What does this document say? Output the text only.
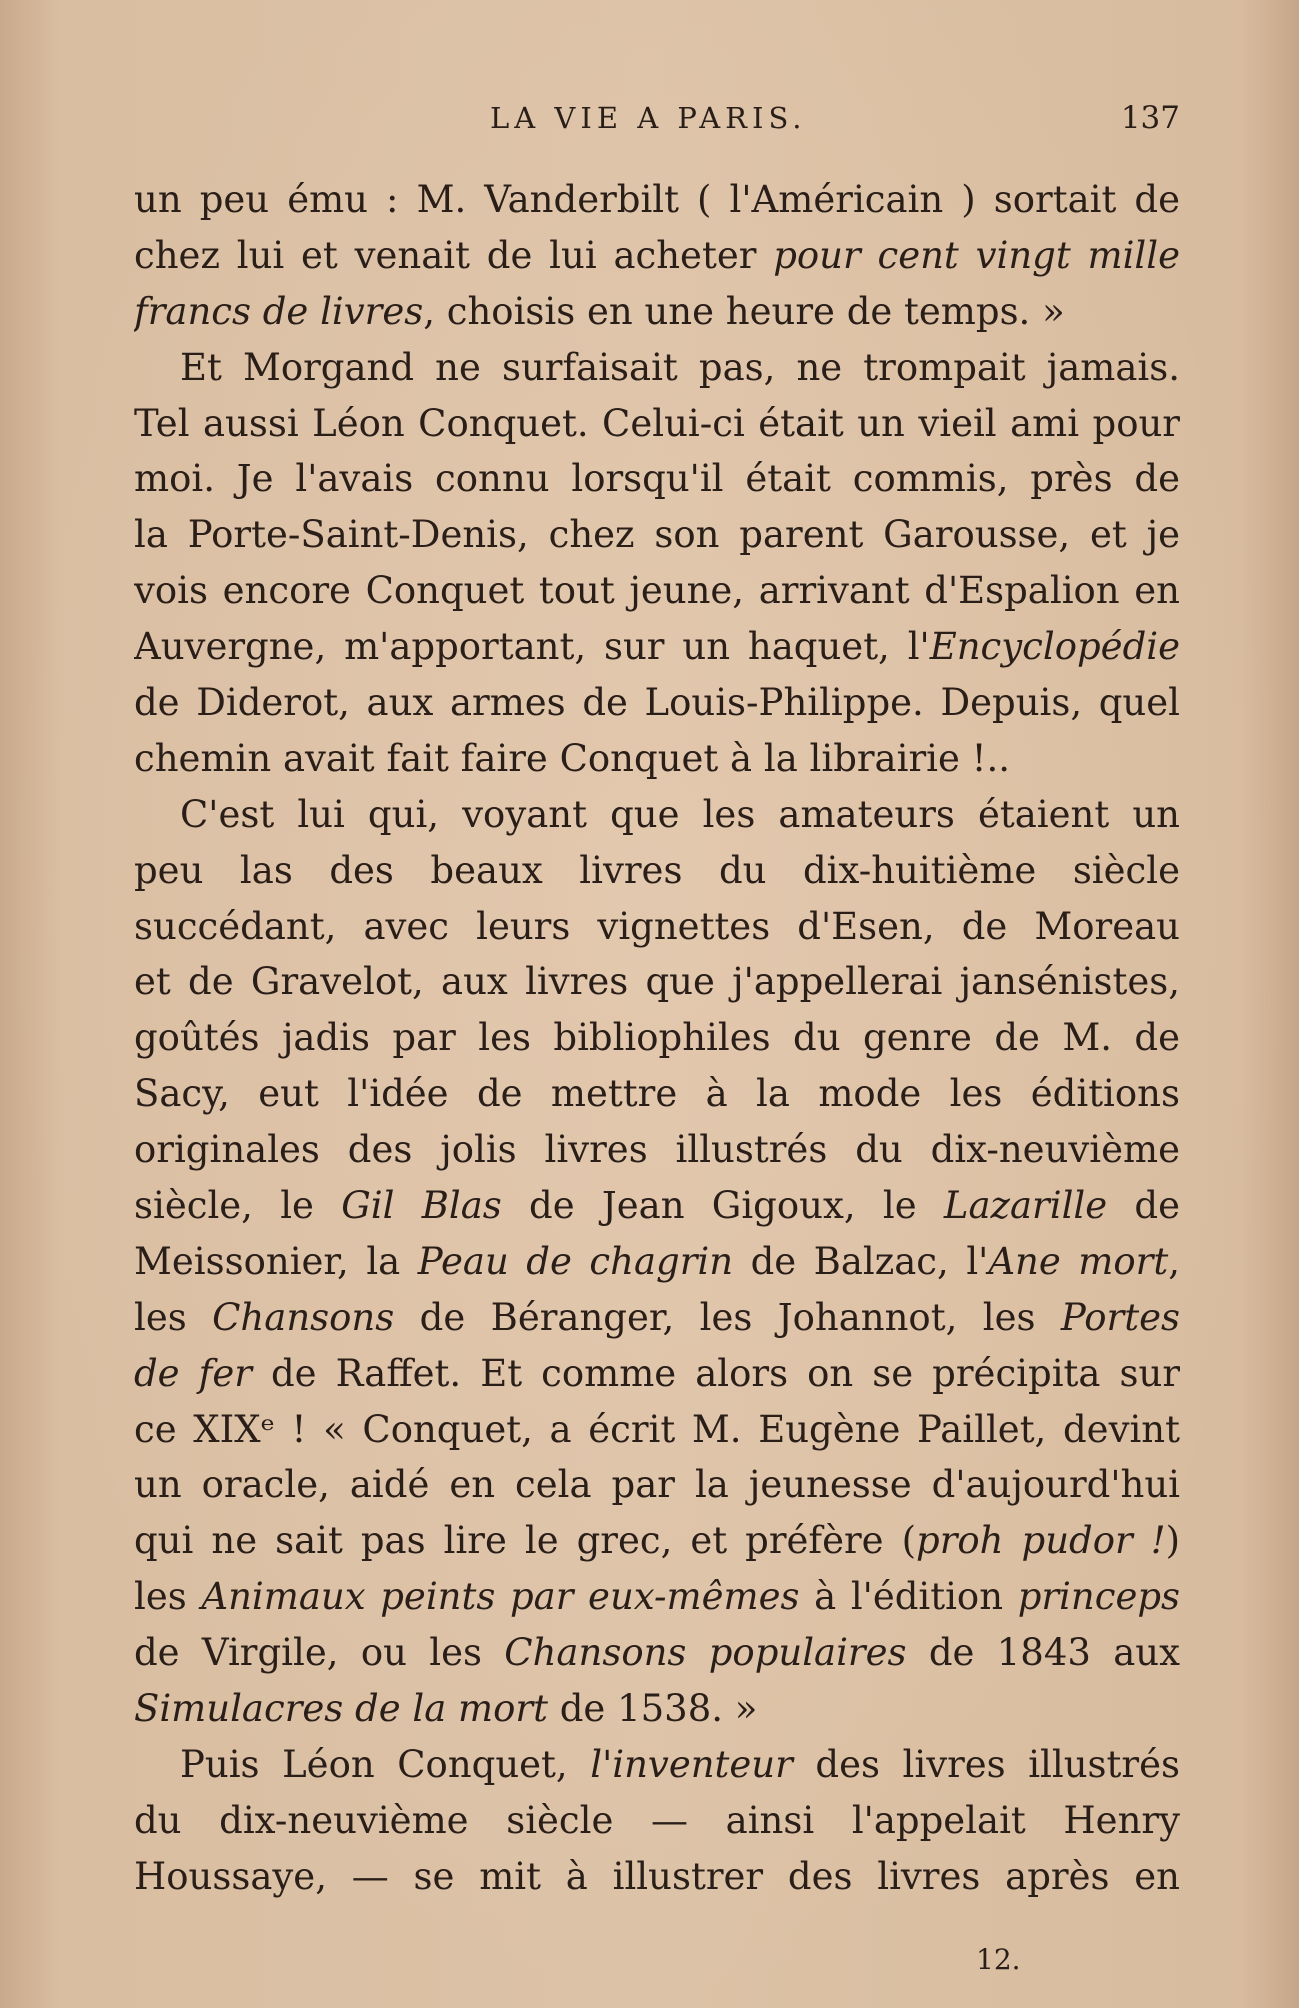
LA VIE A PARIS.	137
un peu ému : M. Vanderbilt ( l'Américain ) sortait de
chez lui et venait de lui acheter pour cent vingt mille
francs de livres, choisis en une heure de temps. »
Et Morgand ne surfaisait pas, ne trompait jamais.
Tel aussi Léon Conquet. Celui-ci était un vieil ami pour
moi. Je l'avais connu lorsqu'il était commis, près de
la Porte-Saint-Denis, chez son parent Garousse, et je
vois encore Conquet tout jeune, arrivant d'Espalion en
Auvergne, m'apportant, sur un haquet, l'Encyclopédie
de Diderot, aux armes de Louis-Philippe. Depuis, quel
chemin avait fait faire Conquet à la librairie !..
C'est lui qui, voyant que les amateurs étaient un
peu las des beaux livres du dix-huitième siècle
succédant, avec leurs vignettes d'Esen, de Moreau
et de Gravelot, aux livres que j'appellerai jansénistes,
goûtés jadis par les bibliophiles du genre de M. de
Sacy, eut l'idée de mettre à la mode les éditions
originales des jolis livres illustrés du dix-neuvième
siècle, le Gil Blas de Jean Gigoux, le Lazarille de
Meissonier, la Peau de chagrin de Balzac, l'Ane mort,
les Chansons de Béranger, les Johannot, les Portes
de fer de Raffet. Et comme alors on se précipita sur
ce XIXᵉ ! « Conquet, a écrit M. Eugène Paillet, devint
un oracle, aidé en cela par la jeunesse d'aujourd'hui
qui ne sait pas lire le grec, et préfère (proh pudor !)
les Animaux peints par eux-mêmes à l'édition princeps
de Virgile, ou les Chansons populaires de 1843 aux
Simulacres de la mort de 1538. »
Puis Léon Conquet, l'inventeur des livres illustrés
du dix-neuvième siècle — ainsi l'appelait Henry
Houssaye, — se mit à illustrer des livres après en
12.
